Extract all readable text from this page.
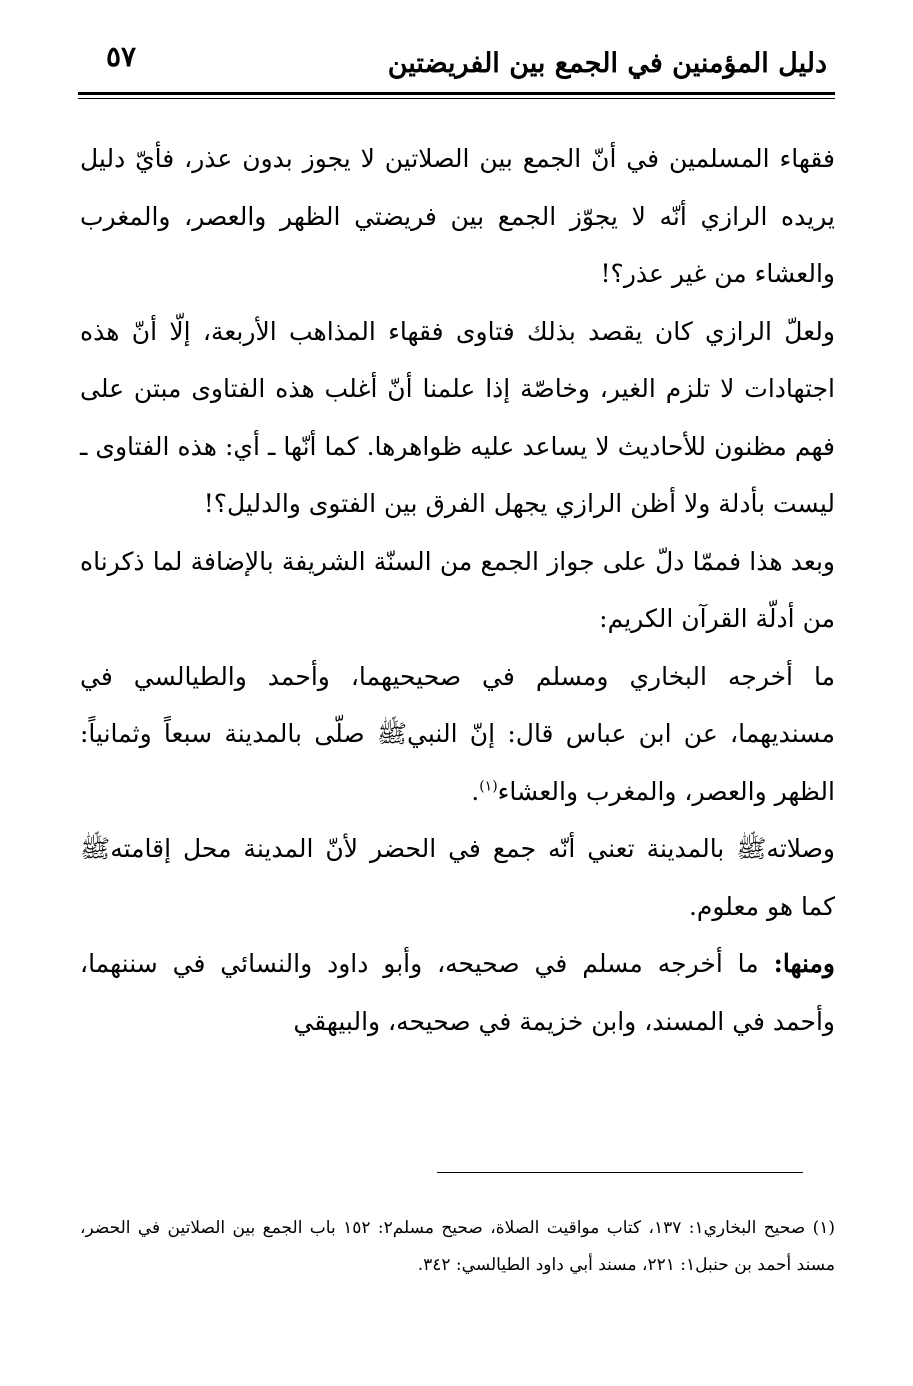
دليل المؤمنين في الجمع بين الفريضتين
٥٧

فقهاء المسلمين في أنّ الجمع بين الصلاتين لا يجوز بدون عذر، فأيّ دليل يريده الرازي أنّه لا يجوّز الجمع بين فريضتي الظهر والعصر، والمغرب والعشاء من غير عذر؟!

ولعلّ الرازي كان يقصد بذلك فتاوى فقهاء المذاهب الأربعة، إلّا أنّ هذه اجتهادات لا تلزم الغير، وخاصّة إذا علمنا أنّ أغلب هذه الفتاوى مبتن على فهم مظنون للأحاديث لا يساعد عليه ظواهرها. كما أنّها ـ أي: هذه الفتاوى ـ ليست بأدلة ولا أظن الرازي يجهل الفرق بين الفتوى والدليل؟!

وبعد هذا فممّا دلّ على جواز الجمع من السنّة الشريفة بالإضافة لما ذكرناه من أدلّة القرآن الكريم:

ما أخرجه البخاري ومسلم في صحيحيهما، وأحمد والطيالسي في مسنديهما، عن ابن عباس قال: إنّ النبيﷺ صلّى بالمدينة سبعاً وثمانياً: الظهر والعصر، والمغرب والعشاء$^{(١)}$.

وصلاتهﷺ بالمدينة تعني أنّه جمع في الحضر لأنّ المدينة محل إقامتهﷺ كما هو معلوم.

ومنها: ما أخرجه مسلم في صحيحه، وأبو داود والنسائي في سننهما، وأحمد في المسند، وابن خزيمة في صحيحه، والبيهقي

(١) صحيح البخاري١: ١٣٧، كتاب مواقيت الصلاة، صحيح مسلم٢: ١٥٢ باب الجمع بين الصلاتين في الحضر، مسند أحمد بن حنبل١: ٢٢١، مسند أبي داود الطيالسي: ٣٤٢.
